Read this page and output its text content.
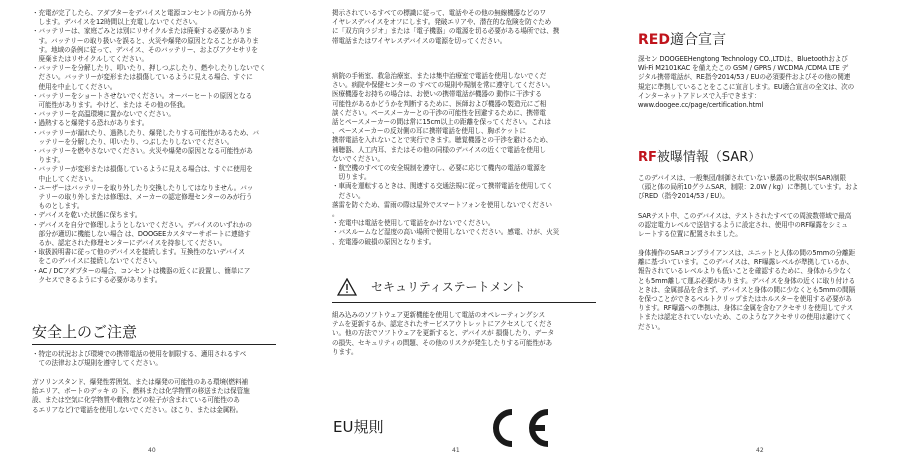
・充電が完了したら、アダプターをデバイスと電源コンセントの両方から外

　します。デバイスを12時間以上充電しないでください。

・バッテリーは、家庭ごみとは別にリサイクルまたは廃棄する必要がありま

　す。バッテリーの取り扱いを誤ると、火災や爆発の原因となることがありま

　す。地域の条例に従って、デバイス、そのバッテリー、およびアクセサリを

　廃棄またはリサイクルしてください。

・バッテリーを分解したり、叩いたり、押しつぶしたり、燃やしたりしないでく

　ださい。バッテリーが変形または損傷しているように見える場合、すぐに

　使用を中止してください。

・バッテリーをショートさせないでください。オーバーヒートの原因となる

　可能性があります。やけど、または その他の怪我。

・バッテリーを高温環境に置かないでください。

・過熱すると爆発する恐れがあります。

・バッテリーが漏れたり、過熱したり、爆発したりする可能性があるため、バ

　ッテリーを分解したり、叩いたり、つぶしたりしないでください。

・バッテリーを燃やさないでください。火災や爆発の原因となる可能性があ

　ります。

・バッテリーが変形または損傷しているように見える場合は、すぐに使用を

　中止してください。

・ユーザーはバッテリーを取り外したり交換したりしてはなりません。バッ

　テリーの取り外しまたは修理は、メーカーの認定修理センターのみが行う

　ものとします。

・デバイスを乾いた状態に保ちます。

・デバイスを自分で修理しようとしないでください。デバイスのいずれかの

　部分が適切に機能しない場合 は、DOOGEEカスタマーサポートに連絡す

　るか、認定された修理センターにデバイスを持参してください。

・取扱説明書に従って他のデバイスを接続します。互換性のないデバイス

　をこのデバイスに接続しないでください。

・AC / DCアダプターの場合、コンセントは機器の近くに設置し、簡単にア

　クセスできるようにする必要があります。

安全上のご注意

・特定の状況および環境での携帯電話の使用を制限する、適用されるすべ

　ての法律および規則を遵守してください。

ガソリンスタンド、爆発性雰囲気、または爆発の可能性のある環境(燃料補

給エリア、ボートのデッキ の 下、燃料または化学物質の移送または保管施

設、または空気に化学物質や穀物などの粒子が含まれている可能性のあ

るエリアなど)で電話を使用しないでください。ほこり、または金属粉。

40

掲示されているすべての標識に従って、電話やその他の無線機器などのワ

イヤレスデバイスをオフにします。発破エリアや、潜在的な危険を防ぐため

に「双方向ラジオ」または「電子機器」の電源を切る必要がある場所では、携

帯電話またはワイヤレスデバイスの電源を切ってください。

病院の手術室、救急治療室、または集中治療室で電話を使用しないでくだ

さい。病院や保健センターの すべての規則や規制を常に遵守してください。

医療機器をお持ちの場合は、お使いの携帯電話が機器の 動作に干渉する

可能性があるかどうかを判断するために、医師および機器の製造元にご相

談ください。ペースメーカーとの干渉の可能性を回避するために、携帯電

話とペースメーカーの間は常に15cm以上の距離を保ってください。これは

、ペースメーカーの反対側の耳に携帯電話を使用し、胸ポケットに

携帯電話を入れないことで実行できます。聴覚機器との干渉を避けるため、

補聴器、人工内耳、またはその他の同様のデバイスの近くで電話を使用し

ないでください。

・航空機のすべての安全規制を遵守し、必要に応じて機内の電話の電源を

　切ります。

・車両を運転するときは、関連する交通法規に従って携帯電話を使用してく

　ださい。

落雷を防ぐため、雷雨の際は屋外でスマートフォンを使用しないでください

。

・充電中は電話を使用して電話をかけないでください。

・バスルームなど湿度の高い場所で使用しないでください。感電、けが、火災

、充電器の破損の原因となります。

セキュリティステートメント

組み込みのソフトウェア更新機能を使用して電話のオペレーティングシス

テムを更新するか、認定されたサービスアウトレットにアクセスしてくださ

い。他の方法でソフトウェアを更新すると、デバイスが 損傷したり、データ

の損失、セキュリティの問題、その他のリスクが発生したりする可能性があ

ります。

EU規則
41
RED適合宣言

深セン DOOGEEHengtong Technology CO.,LTDは、Bluetoothおよび

Wi-Fi M2101KAC を備えたこの GSM / GPRS / WCDMA /CDMA LTE デ

ジタル携帯電話が、RE指令2014/53 / EUの必須要件およびその他の関連

規定に準拠していることをここに宣言します。EU適合宣言の全文は、次の

インターネットアドレスで入手できます：

www.doogee.cc/page/certification.html

RF被曝情報（SAR）

このデバイスは、一般集団/制御されていない暴露の比吸収率(SAR)制限

（頭と体の局所10グラムSAR、制限：2.0W / kg）に準拠しています。およ

びRED（指令2014/53 / EU）。

SARテスト中、このデバイスは、テストされたすべての周波数帯域で最高

の認定電力レベルで送信するように設定され、使用中のRF曝露をシミュ

レートする位置に配置されました。

身体操作のSARコンプライアンスは、ユニットと人体の間の5mmの分離距

離に基づいています。このデバイスは、RF曝露レベルが準拠しているか、

報告されているレベルよりも低いことを確認するために、身体から少なく

とも5mm離して運ぶ必要があります。デバイスを身体の近くに取り付ける

ときは、金属部品を含まず、デバイスと身体の間に少なくとも5mmの間隔

を保つことができるベルトクリップまたはホルスターを使用する必要があ

ります。RF曝露への準拠は、身体に金属を含むアクセサリを使用してテス

トまたは認定されていないため、このようなアクセサリの使用は避けてく

ださい。

42
